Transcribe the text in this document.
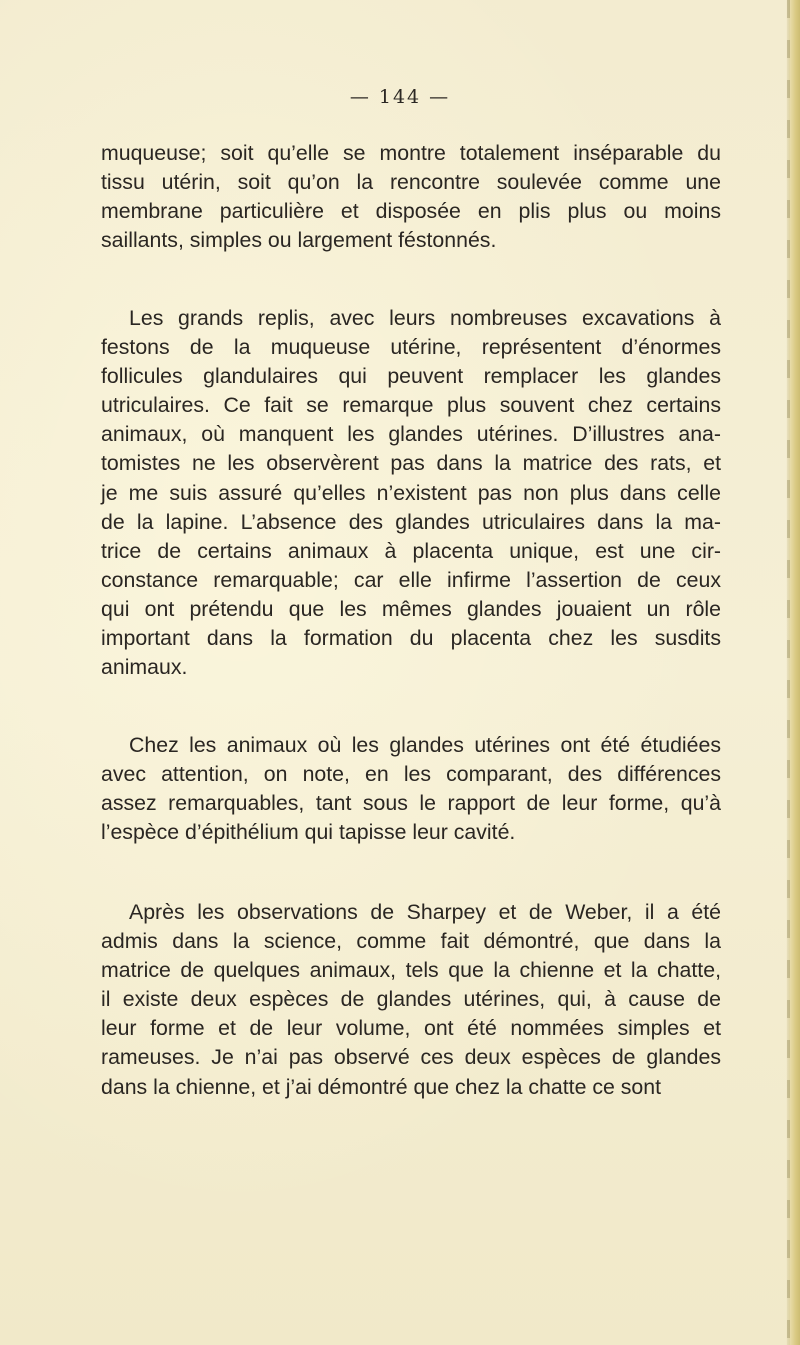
— 144 —
muqueuse; soit qu’elle se montre totalement inséparable du
tissu utérin, soit qu’on la rencontre soulevée comme une
membrane particulière et disposée en plis plus ou moins
saillants, simples ou largement féstonnés.
Les grands replis, avec leurs nombreuses excavations à
festons de la muqueuse utérine, représentent d’énormes
follicules glandulaires qui peuvent remplacer les glandes
utriculaires. Ce fait se remarque plus souvent chez certains
animaux, où manquent les glandes utérines. D’illustres ana-
tomistes ne les observèrent pas dans la matrice des rats, et
je me suis assuré qu’elles n’existent pas non plus dans celle
de la lapine. L’absence des glandes utriculaires dans la ma-
trice de certains animaux à placenta unique, est une cir-
constance remarquable; car elle infirme l’assertion de ceux
qui ont prétendu que les mêmes glandes jouaient un rôle
important dans la formation du placenta chez les susdits
animaux.
Chez les animaux où les glandes utérines ont été étudiées
avec attention, on note, en les comparant, des différences
assez remarquables, tant sous le rapport de leur forme, qu’à
l’espèce d’épithélium qui tapisse leur cavité.
Après les observations de Sharpey et de Weber, il a été
admis dans la science, comme fait démontré, que dans la
matrice de quelques animaux, tels que la chienne et la chatte,
il existe deux espèces de glandes utérines, qui, à cause de
leur forme et de leur volume, ont été nommées simples et
rameuses. Je n’ai pas observé ces deux espèces de glandes
dans la chienne, et j’ai démontré que chez la chatte ce sont
